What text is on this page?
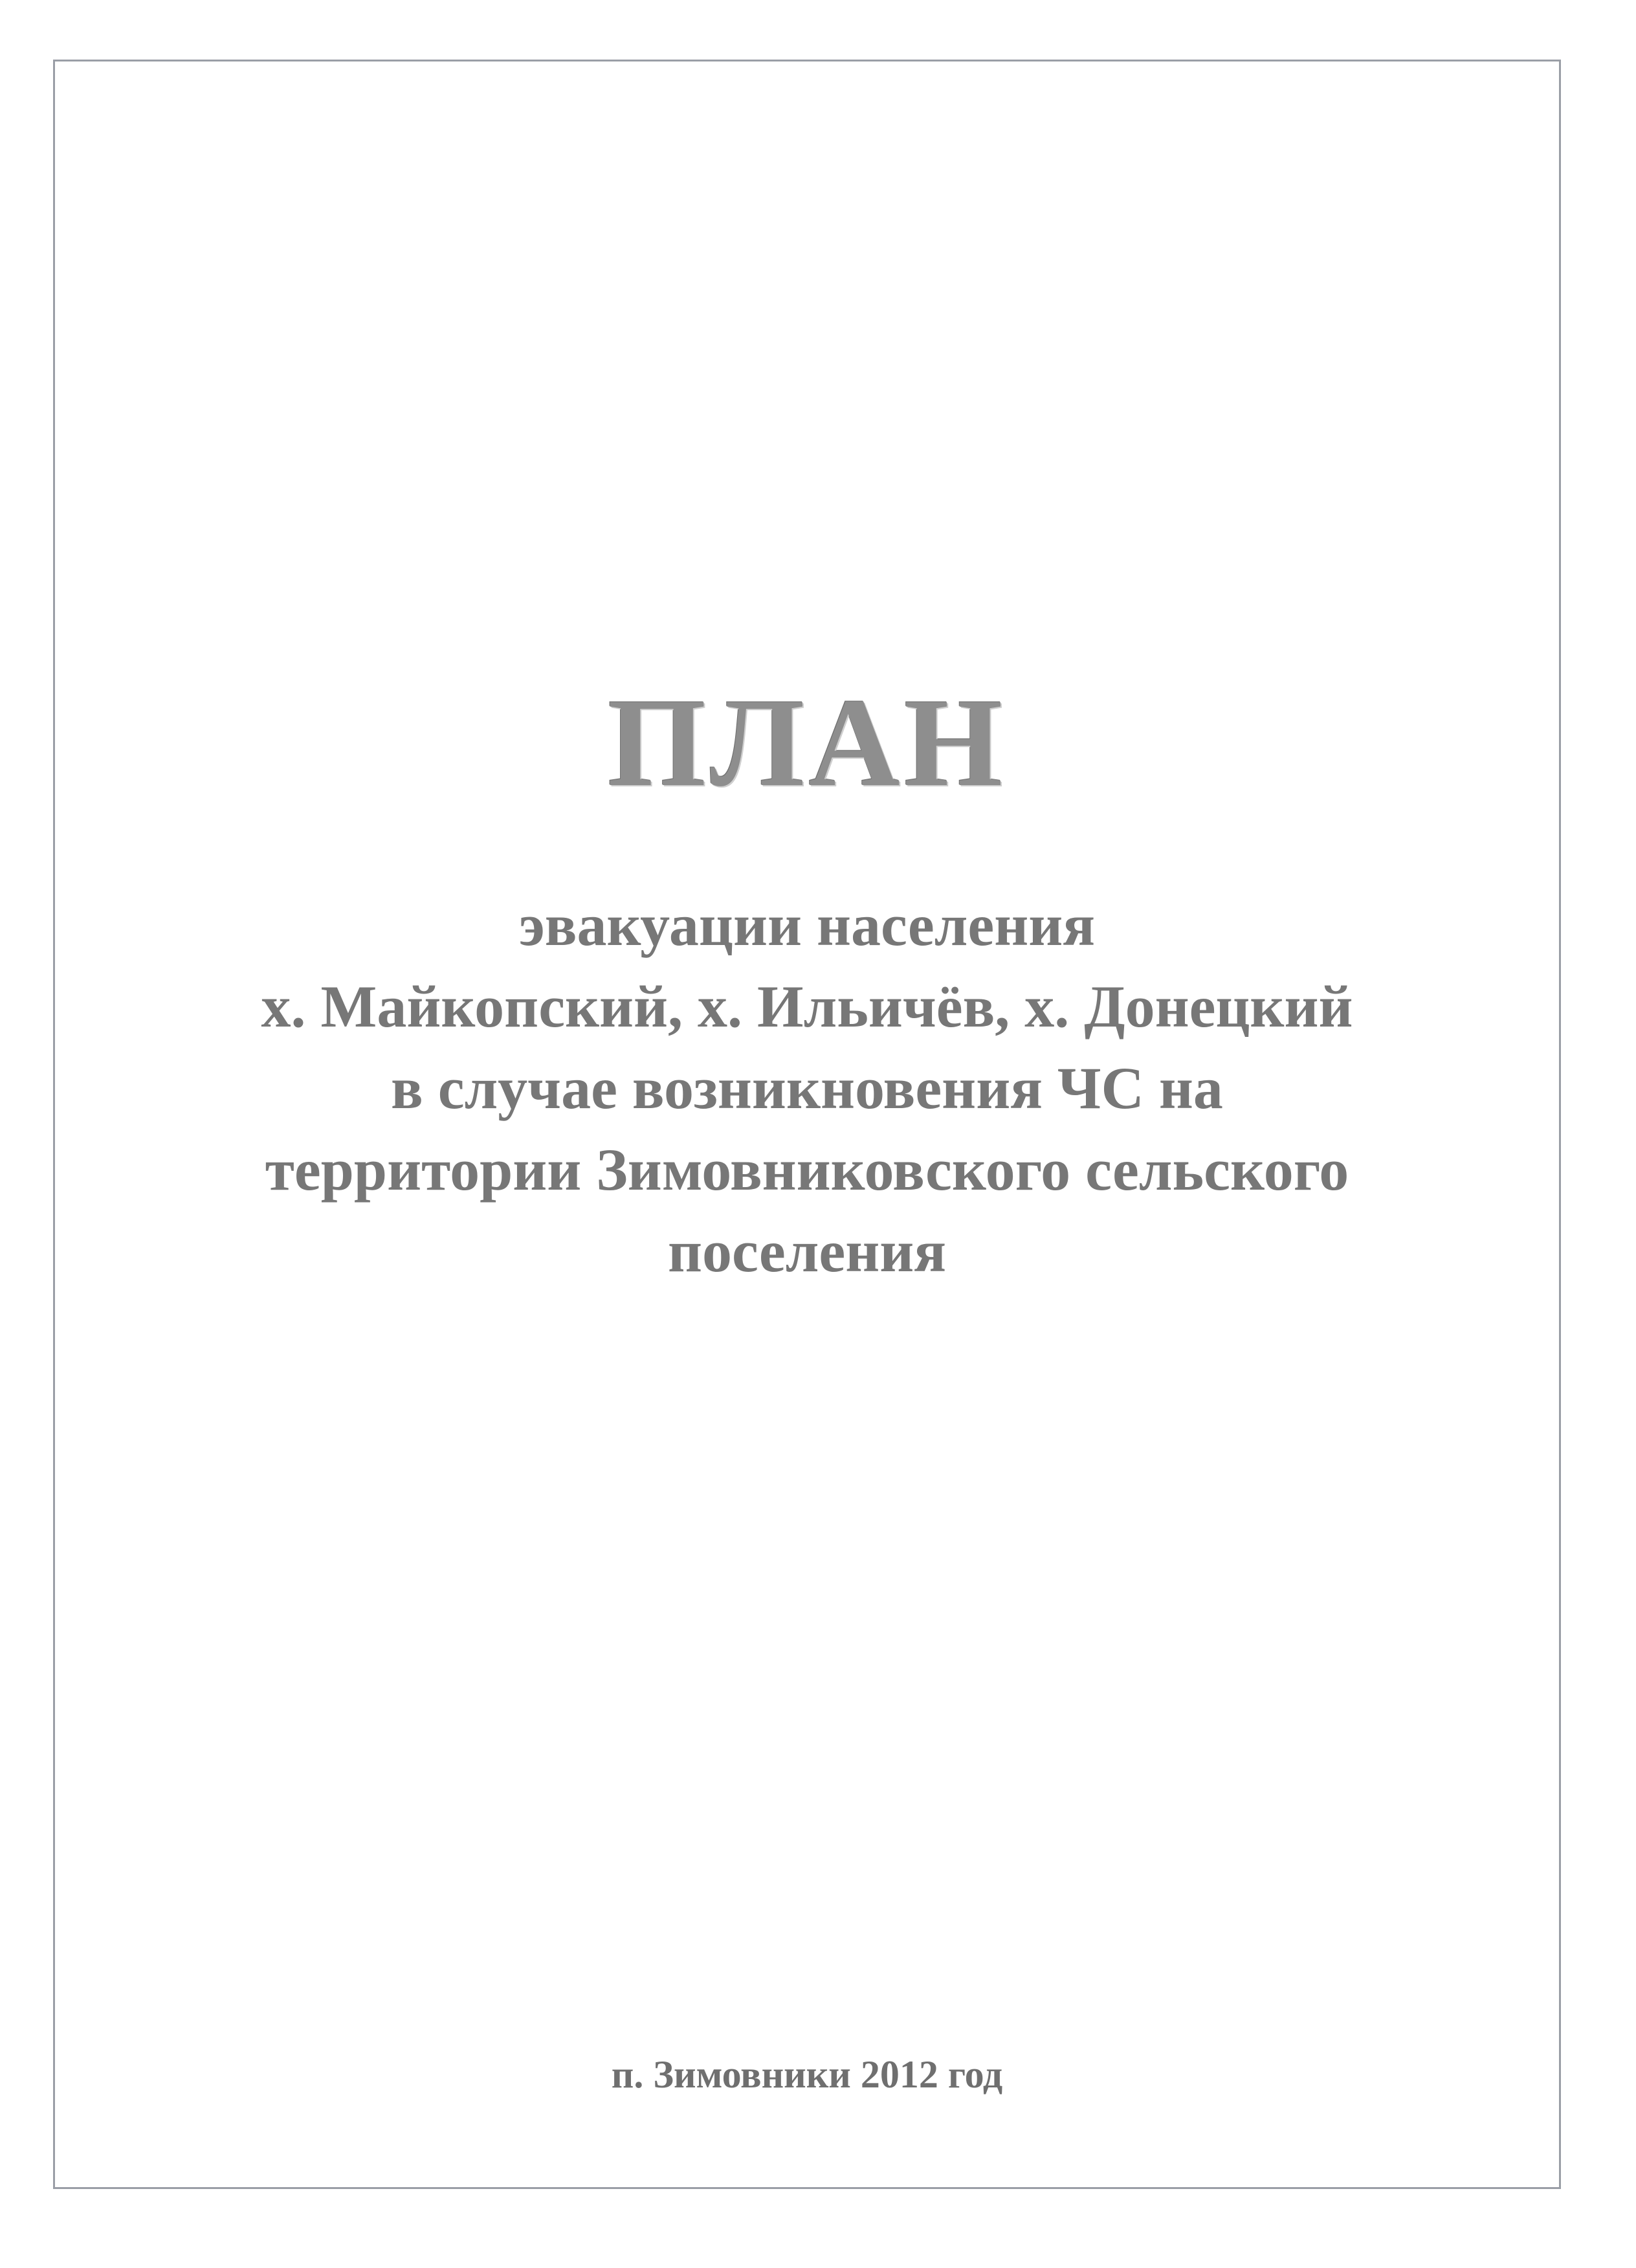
ПЛАН
эвакуации населения
х. Майкопский, х. Ильичёв, х. Донецкий
в случае возникновения ЧС на
территории Зимовниковского сельского
поселения
п. Зимовники 2012 год
